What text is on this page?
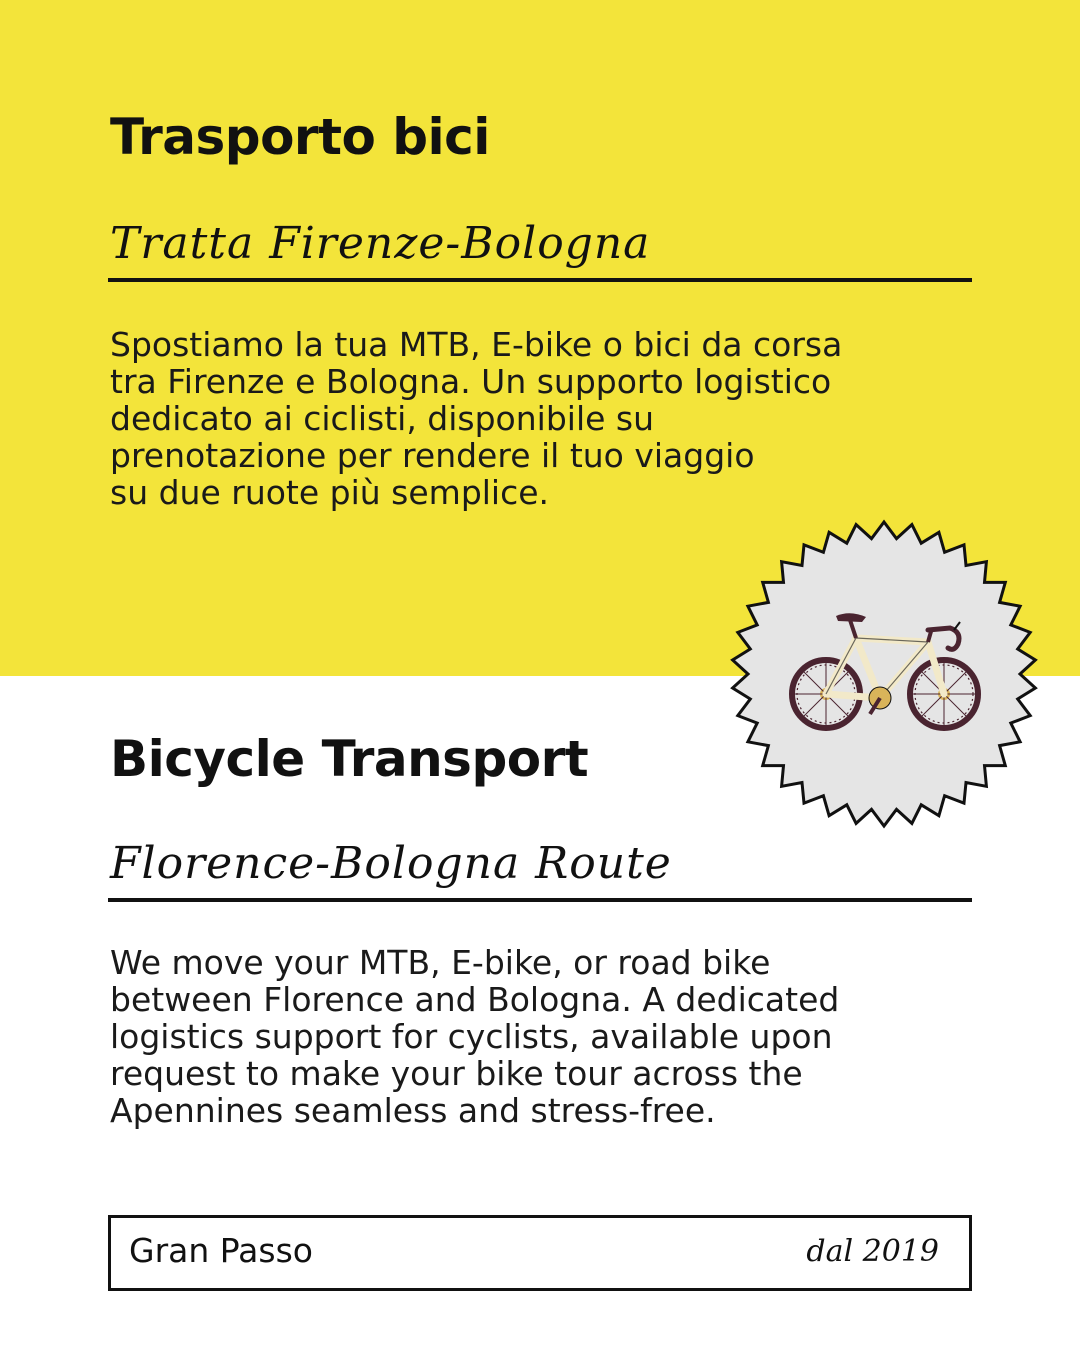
Trasporto bici
Tratta Firenze-Bologna
Spostiamo la tua MTB, E-bike o bici da corsa
tra Firenze e Bologna. Un supporto logistico
dedicato ai ciclisti, disponibile su
prenotazione per rendere il tuo viaggio
su due ruote più semplice.
Bicycle Transport
Florence-Bologna Route
We move your MTB, E-bike, or road bike
between Florence and Bologna. A dedicated
logistics support for cyclists, available upon
request to make your bike tour across the
Apennines seamless and stress-free.
Gran Passo	dal 2019
